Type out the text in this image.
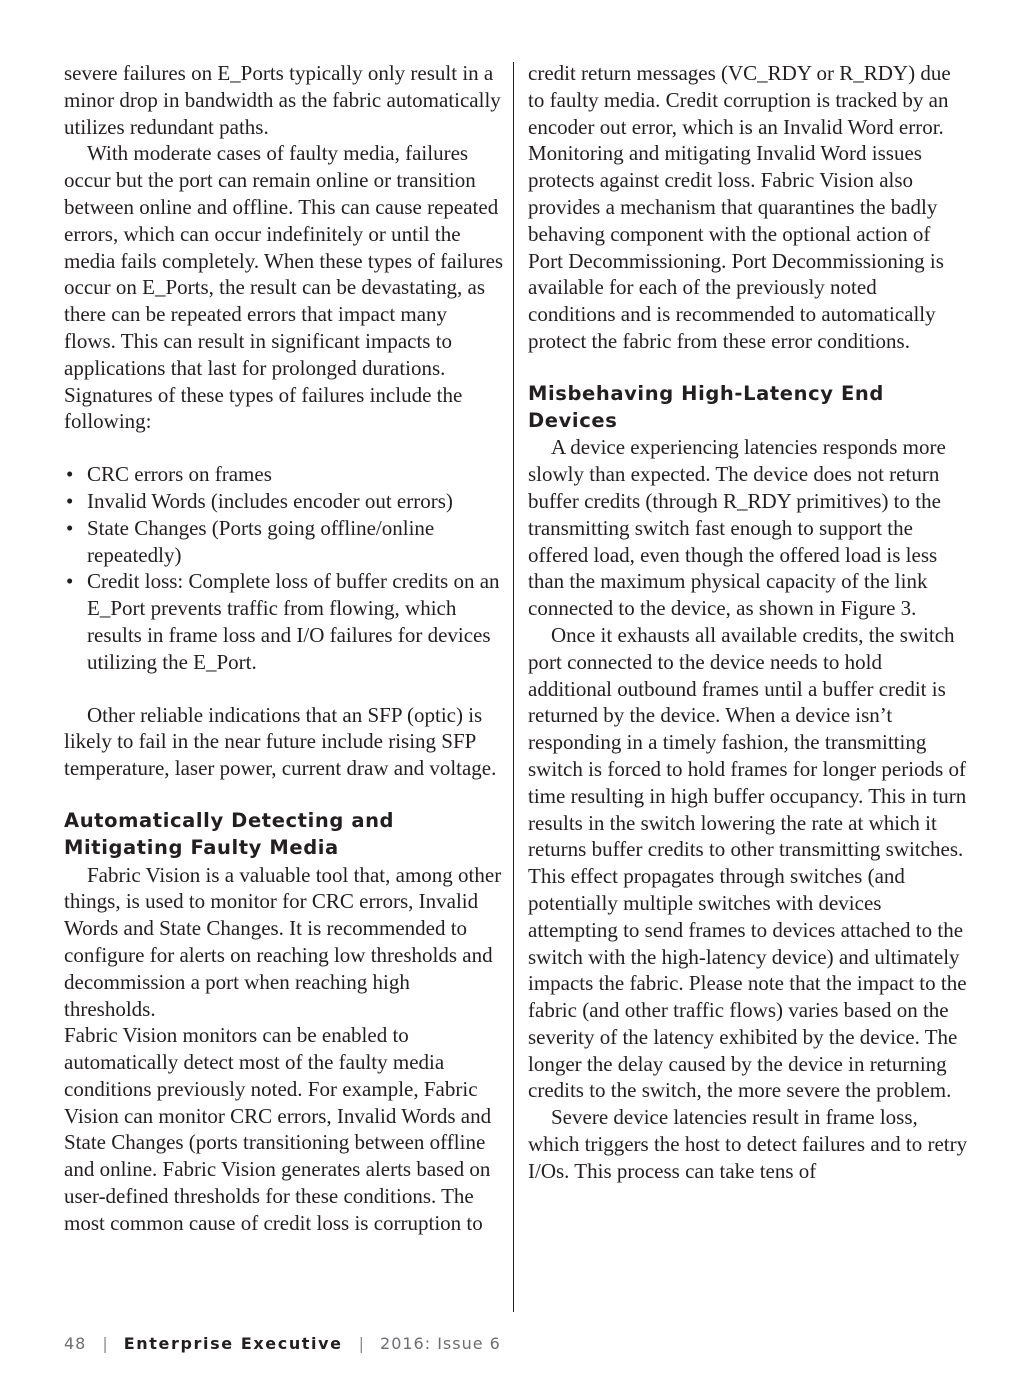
severe failures on E_Ports typically only result in a minor drop in bandwidth as the fabric automatically utilizes redundant paths.

With moderate cases of faulty media, failures occur but the port can remain online or transition between online and offline. This can cause repeated errors, which can occur indefinitely or until the media fails completely. When these types of failures occur on E_Ports, the result can be devastating, as there can be repeated errors that impact many flows. This can result in significant impacts to applications that last for prolonged durations. Signatures of these types of failures include the following:

• CRC errors on frames
• Invalid Words (includes encoder out errors)
• State Changes (Ports going offline/online repeatedly)
• Credit loss: Complete loss of buffer credits on an E_Port prevents traffic from flowing, which results in frame loss and I/O failures for devices utilizing the E_Port.

Other reliable indications that an SFP (optic) is likely to fail in the near future include rising SFP temperature, laser power, current draw and voltage.

Automatically Detecting and Mitigating Faulty Media

Fabric Vision is a valuable tool that, among other things, is used to monitor for CRC errors, Invalid Words and State Changes. It is recommended to configure for alerts on reaching low thresholds and decommission a port when reaching high thresholds.

Fabric Vision monitors can be enabled to automatically detect most of the faulty media conditions previously noted. For example, Fabric Vision can monitor CRC errors, Invalid Words and State Changes (ports transitioning between offline and online. Fabric Vision generates alerts based on user-defined thresholds for these conditions. The most common cause of credit loss is corruption to

credit return messages (VC_RDY or R_RDY) due to faulty media. Credit corruption is tracked by an encoder out error, which is an Invalid Word error. Monitoring and mitigating Invalid Word issues protects against credit loss. Fabric Vision also provides a mechanism that quarantines the badly behaving component with the optional action of Port Decommissioning. Port Decommissioning is available for each of the previously noted conditions and is recommended to automatically protect the fabric from these error conditions.

Misbehaving High-Latency End Devices

A device experiencing latencies responds more slowly than expected. The device does not return buffer credits (through R_RDY primitives) to the transmitting switch fast enough to support the offered load, even though the offered load is less than the maximum physical capacity of the link connected to the device, as shown in Figure 3.

Once it exhausts all available credits, the switch port connected to the device needs to hold additional outbound frames until a buffer credit is returned by the device. When a device isn’t responding in a timely fashion, the transmitting switch is forced to hold frames for longer periods of time resulting in high buffer occupancy. This in turn results in the switch lowering the rate at which it returns buffer credits to other transmitting switches. This effect propagates through switches (and potentially multiple switches with devices attempting to send frames to devices attached to the switch with the high-latency device) and ultimately impacts the fabric. Please note that the impact to the fabric (and other traffic flows) varies based on the severity of the latency exhibited by the device. The longer the delay caused by the device in returning credits to the switch, the more severe the problem.

Severe device latencies result in frame loss, which triggers the host to detect failures and to retry I/Os. This process can take tens of

48 | Enterprise Executive | 2016: Issue 6
